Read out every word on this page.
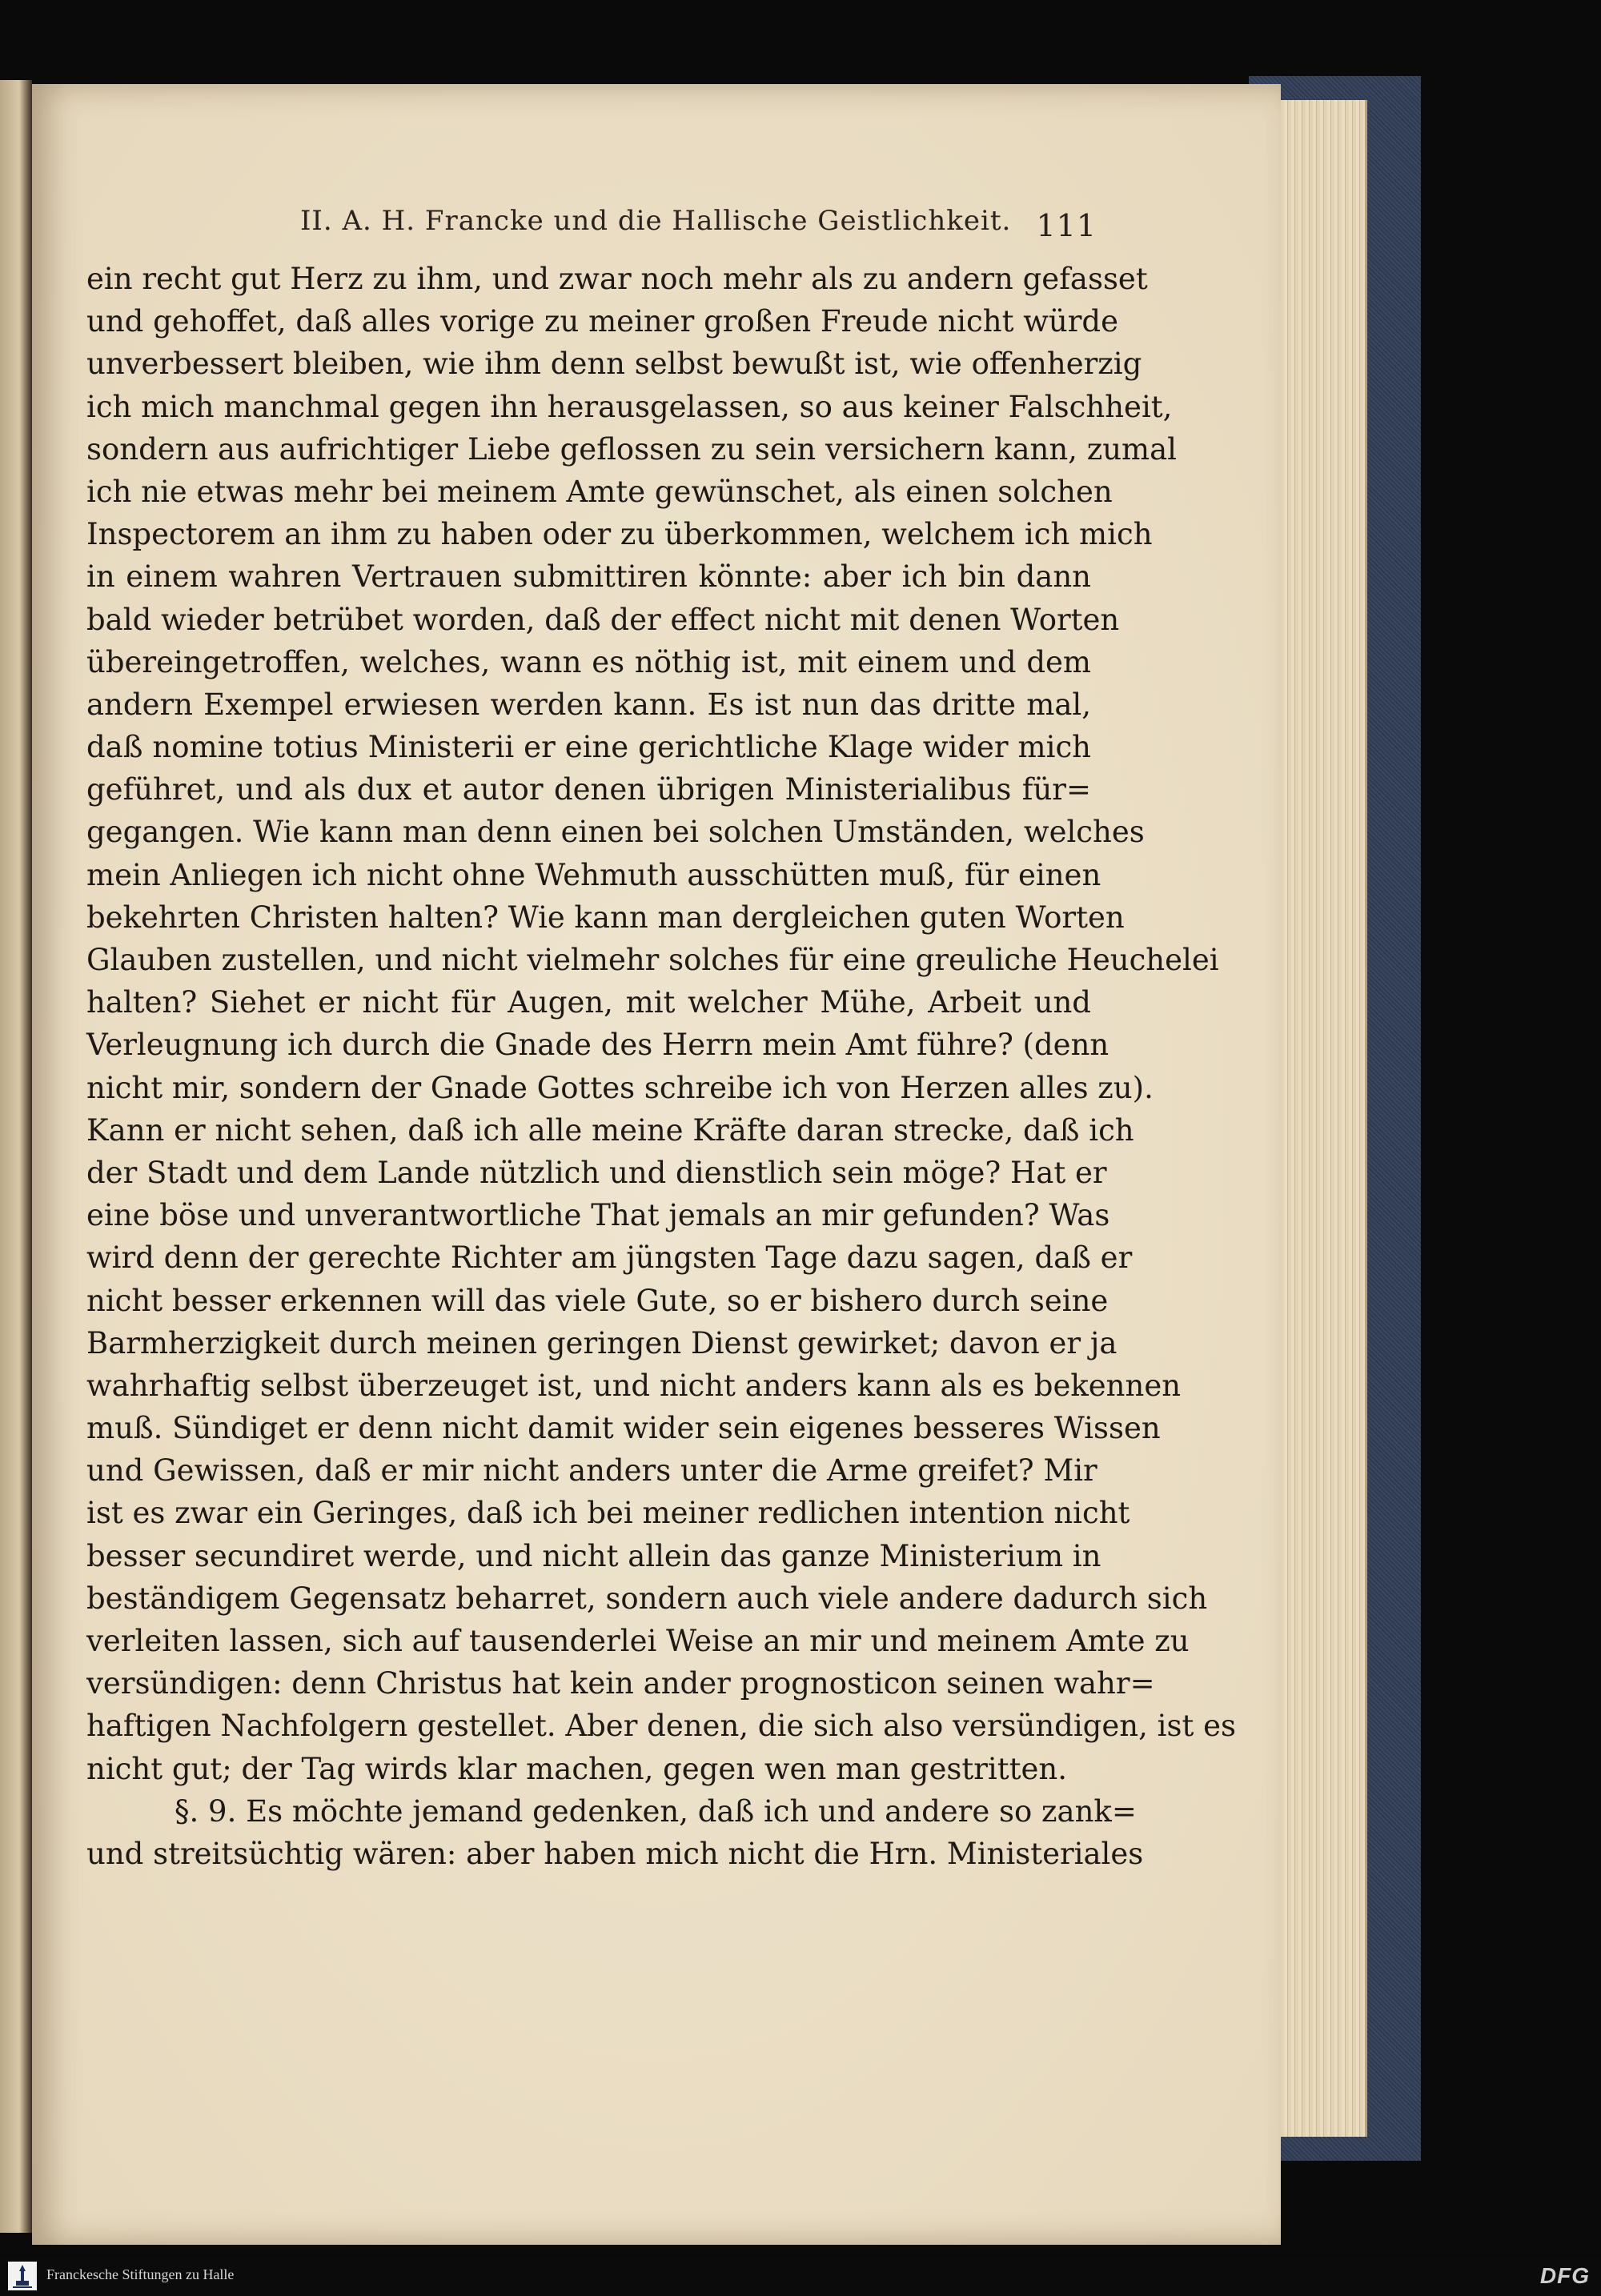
II. A. H. Francke und die Hallische Geistlichkeit. 111
ein recht gut Herz zu ihm, und zwar noch mehr als zu andern gefasset
und gehoffet, daß alles vorige zu meiner großen Freude nicht würde
unverbessert bleiben, wie ihm denn selbst bewußt ist, wie offenherzig
ich mich manchmal gegen ihn herausgelassen, so aus keiner Falschheit,
sondern aus aufrichtiger Liebe geflossen zu sein versichern kann, zumal
ich nie etwas mehr bei meinem Amte gewünschet, als einen solchen
Inspectorem an ihm zu haben oder zu überkommen, welchem ich mich
in einem wahren Vertrauen submittiren könnte: aber ich bin dann
bald wieder betrübet worden, daß der effect nicht mit denen Worten
übereingetroffen, welches, wann es nöthig ist, mit einem und dem
andern Exempel erwiesen werden kann. Es ist nun das dritte mal,
daß nomine totius Ministerii er eine gerichtliche Klage wider mich
geführet, und als dux et autor denen übrigen Ministerialibus für=
gegangen. Wie kann man denn einen bei solchen Umständen, welches
mein Anliegen ich nicht ohne Wehmuth ausschütten muß, für einen
bekehrten Christen halten? Wie kann man dergleichen guten Worten
Glauben zustellen, und nicht vielmehr solches für eine greuliche Heuchelei
halten? Siehet er nicht für Augen, mit welcher Mühe, Arbeit und
Verleugnung ich durch die Gnade des Herrn mein Amt führe? (denn
nicht mir, sondern der Gnade Gottes schreibe ich von Herzen alles zu).
Kann er nicht sehen, daß ich alle meine Kräfte daran strecke, daß ich
der Stadt und dem Lande nützlich und dienstlich sein möge? Hat er
eine böse und unverantwortliche That jemals an mir gefunden? Was
wird denn der gerechte Richter am jüngsten Tage dazu sagen, daß er
nicht besser erkennen will das viele Gute, so er bishero durch seine
Barmherzigkeit durch meinen geringen Dienst gewirket; davon er ja
wahrhaftig selbst überzeuget ist, und nicht anders kann als es bekennen
muß. Sündiget er denn nicht damit wider sein eigenes besseres Wissen
und Gewissen, daß er mir nicht anders unter die Arme greifet? Mir
ist es zwar ein Geringes, daß ich bei meiner redlichen intention nicht
besser secundiret werde, und nicht allein das ganze Ministerium in
beständigem Gegensatz beharret, sondern auch viele andere dadurch sich
verleiten lassen, sich auf tausenderlei Weise an mir und meinem Amte zu
versündigen: denn Christus hat kein ander prognosticon seinen wahr=
haftigen Nachfolgern gestellet. Aber denen, die sich also versündigen, ist es
nicht gut; der Tag wirds klar machen, gegen wen man gestritten.
§. 9. Es möchte jemand gedenken, daß ich und andere so zank=
und streitsüchtig wären: aber haben mich nicht die Hrn. Ministeriales
Franckesche Stiftungen zu Halle	DFG
